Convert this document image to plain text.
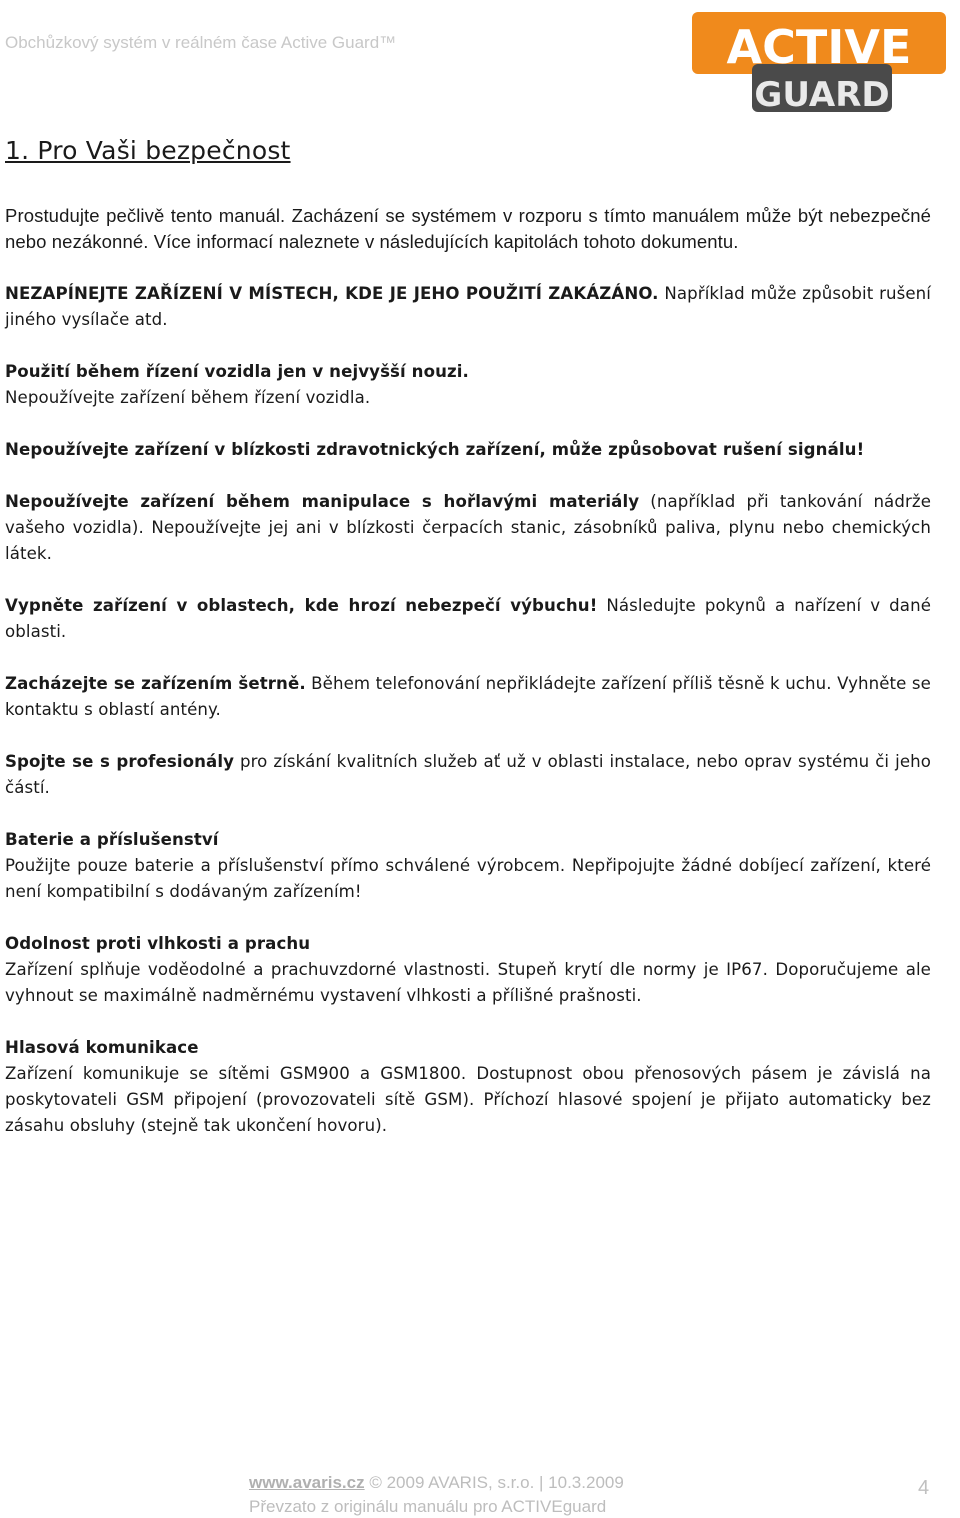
Obchůzkový systém v reálném čase Active Guard™	ACTIVE
GUARD
1. Pro Vaši bezpečnost

Prostudujte pečlivě tento manuál. Zacházení se systémem v rozporu s tímto manuálem může být nebezpečné nebo nezákonné. Více informací naleznete v následujících kapitolách tohoto dokumentu.

NEZAPÍNEJTE ZAŘÍZENÍ V MÍSTECH, KDE JE JEHO POUŽITÍ ZAKÁZÁNO. Například může způsobit rušení jiného vysílače atd.

Použití během řízení vozidla jen v nejvyšší nouzi.
Nepoužívejte zařízení během řízení vozidla.

Nepoužívejte zařízení v blízkosti zdravotnických zařízení, může způsobovat rušení signálu!

Nepoužívejte zařízení během manipulace s hořlavými materiály (například při tankování nádrže vašeho vozidla). Nepoužívejte jej ani v blízkosti čerpacích stanic, zásobníků paliva, plynu nebo chemických látek.

Vypněte zařízení v oblastech, kde hrozí nebezpečí výbuchu! Následujte pokynů a nařízení v dané oblasti.

Zacházejte se zařízením šetrně. Během telefonování nepřikládejte zařízení příliš těsně k uchu. Vyhněte se kontaktu s oblastí antény.

Spojte se s profesionály pro získání kvalitních služeb ať už v oblasti instalace, nebo oprav systému či jeho částí.

Baterie a příslušenství
Použijte pouze baterie a příslušenství přímo schválené výrobcem. Nepřipojujte žádné dobíjecí zařízení, které není kompatibilní s dodávaným zařízením!

Odolnost proti vlhkosti a prachu
Zařízení splňuje voděodolné a prachuvzdorné vlastnosti. Stupeň krytí dle normy je IP67. Doporučujeme ale vyhnout se maximálně nadměrnému vystavení vlhkosti a přílišné prašnosti.

Hlasová komunikace
Zařízení komunikuje se sítěmi GSM900 a GSM1800. Dostupnost obou přenosových pásem je závislá na poskytovateli GSM připojení (provozovateli sítě GSM). Příchozí hlasové spojení je přijato automaticky bez zásahu obsluhy (stejně tak ukončení hovoru).

www.avaris.cz © 2009 AVARIS, s.r.o. | 10.3.2009
Převzato z originálu manuálu pro ACTIVEguard
4
